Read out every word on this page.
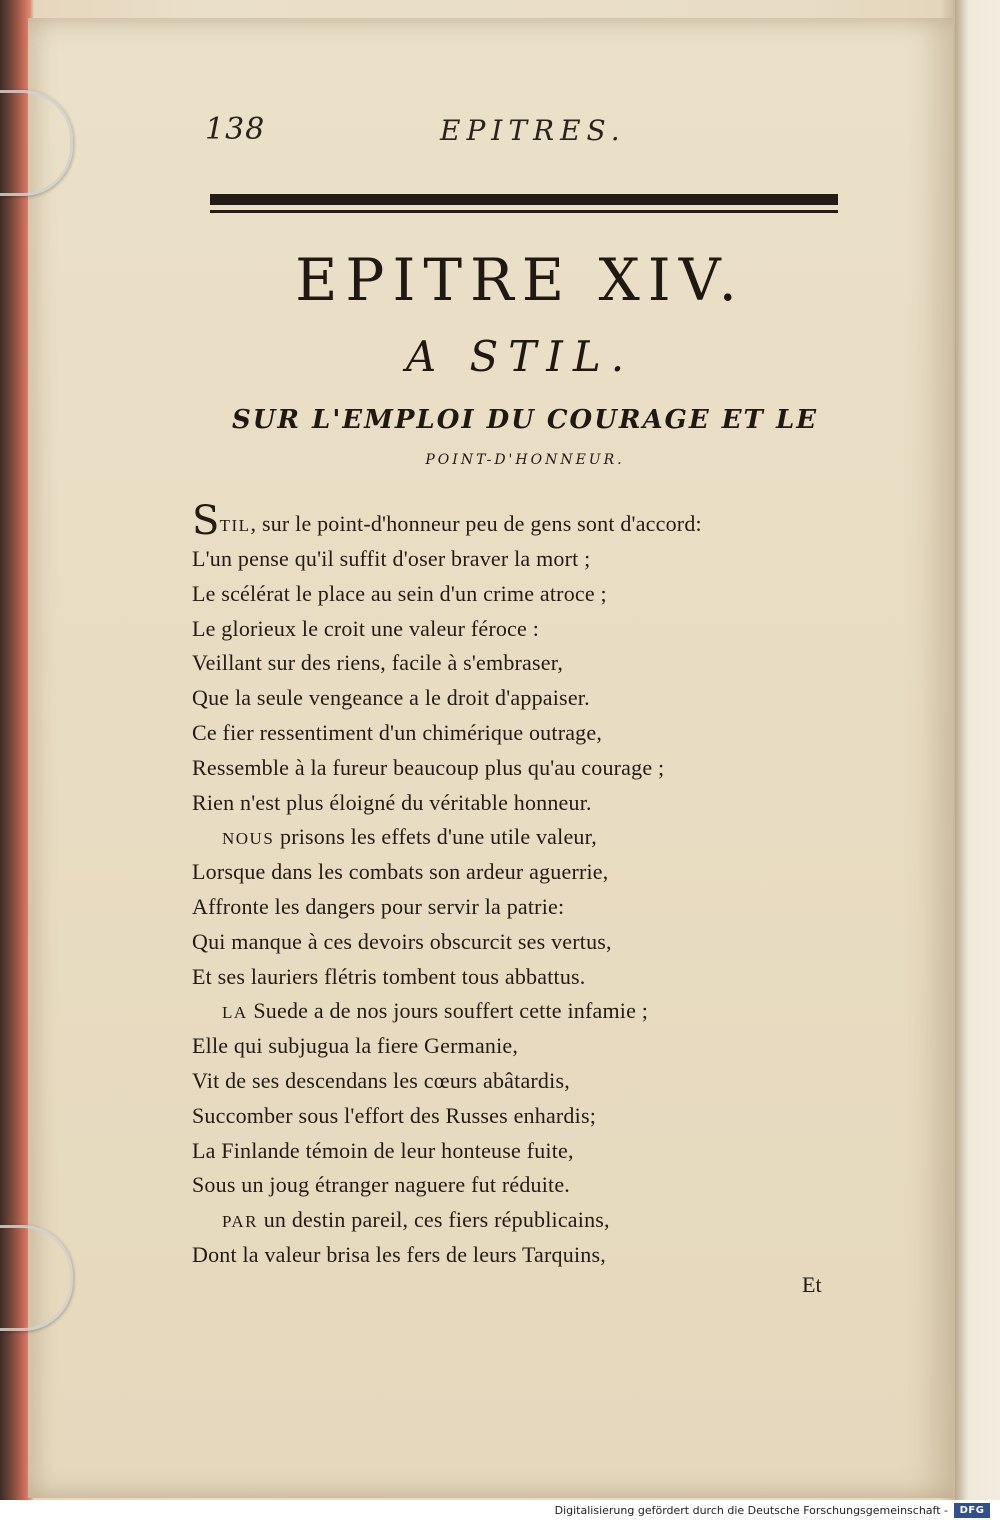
138	EPITRES.
EPITRE XIV.
A STIL.
SUR L'EMPLOI DU COURAGE ET LE
POINT-D'HONNEUR.
STIL, sur le point-d'honneur peu de gens sont d'accord:
L'un pense qu'il suffit d'oser braver la mort ;
Le scélérat le place au sein d'un crime atroce ;
Le glorieux le croit une valeur féroce :
Veillant sur des riens, facile à s'embraser,
Que la seule vengeance a le droit d'appaiser.
Ce fier ressentiment d'un chimérique outrage,
Ressemble à la fureur beaucoup plus qu'au courage ;
Rien n'est plus éloigné du véritable honneur.
NOUS prisons les effets d'une utile valeur,
Lorsque dans les combats son ardeur aguerrie,
Affronte les dangers pour servir la patrie:
Qui manque à ces devoirs obscurcit ses vertus,
Et ses lauriers flétris tombent tous abbattus.
LA Suede a de nos jours souffert cette infamie ;
Elle qui subjugua la fiere Germanie,
Vit de ses descendans les cœurs abâtardis,
Succomber sous l'effort des Russes enhardis;
La Finlande témoin de leur honteuse fuite,
Sous un joug étranger naguere fut réduite.
PAR un destin pareil, ces fiers républicains,
Dont la valeur brisa les fers de leurs Tarquins,
Et
Digitalisierung gefördert durch die Deutsche Forschungsgemeinschaft -	DFG
